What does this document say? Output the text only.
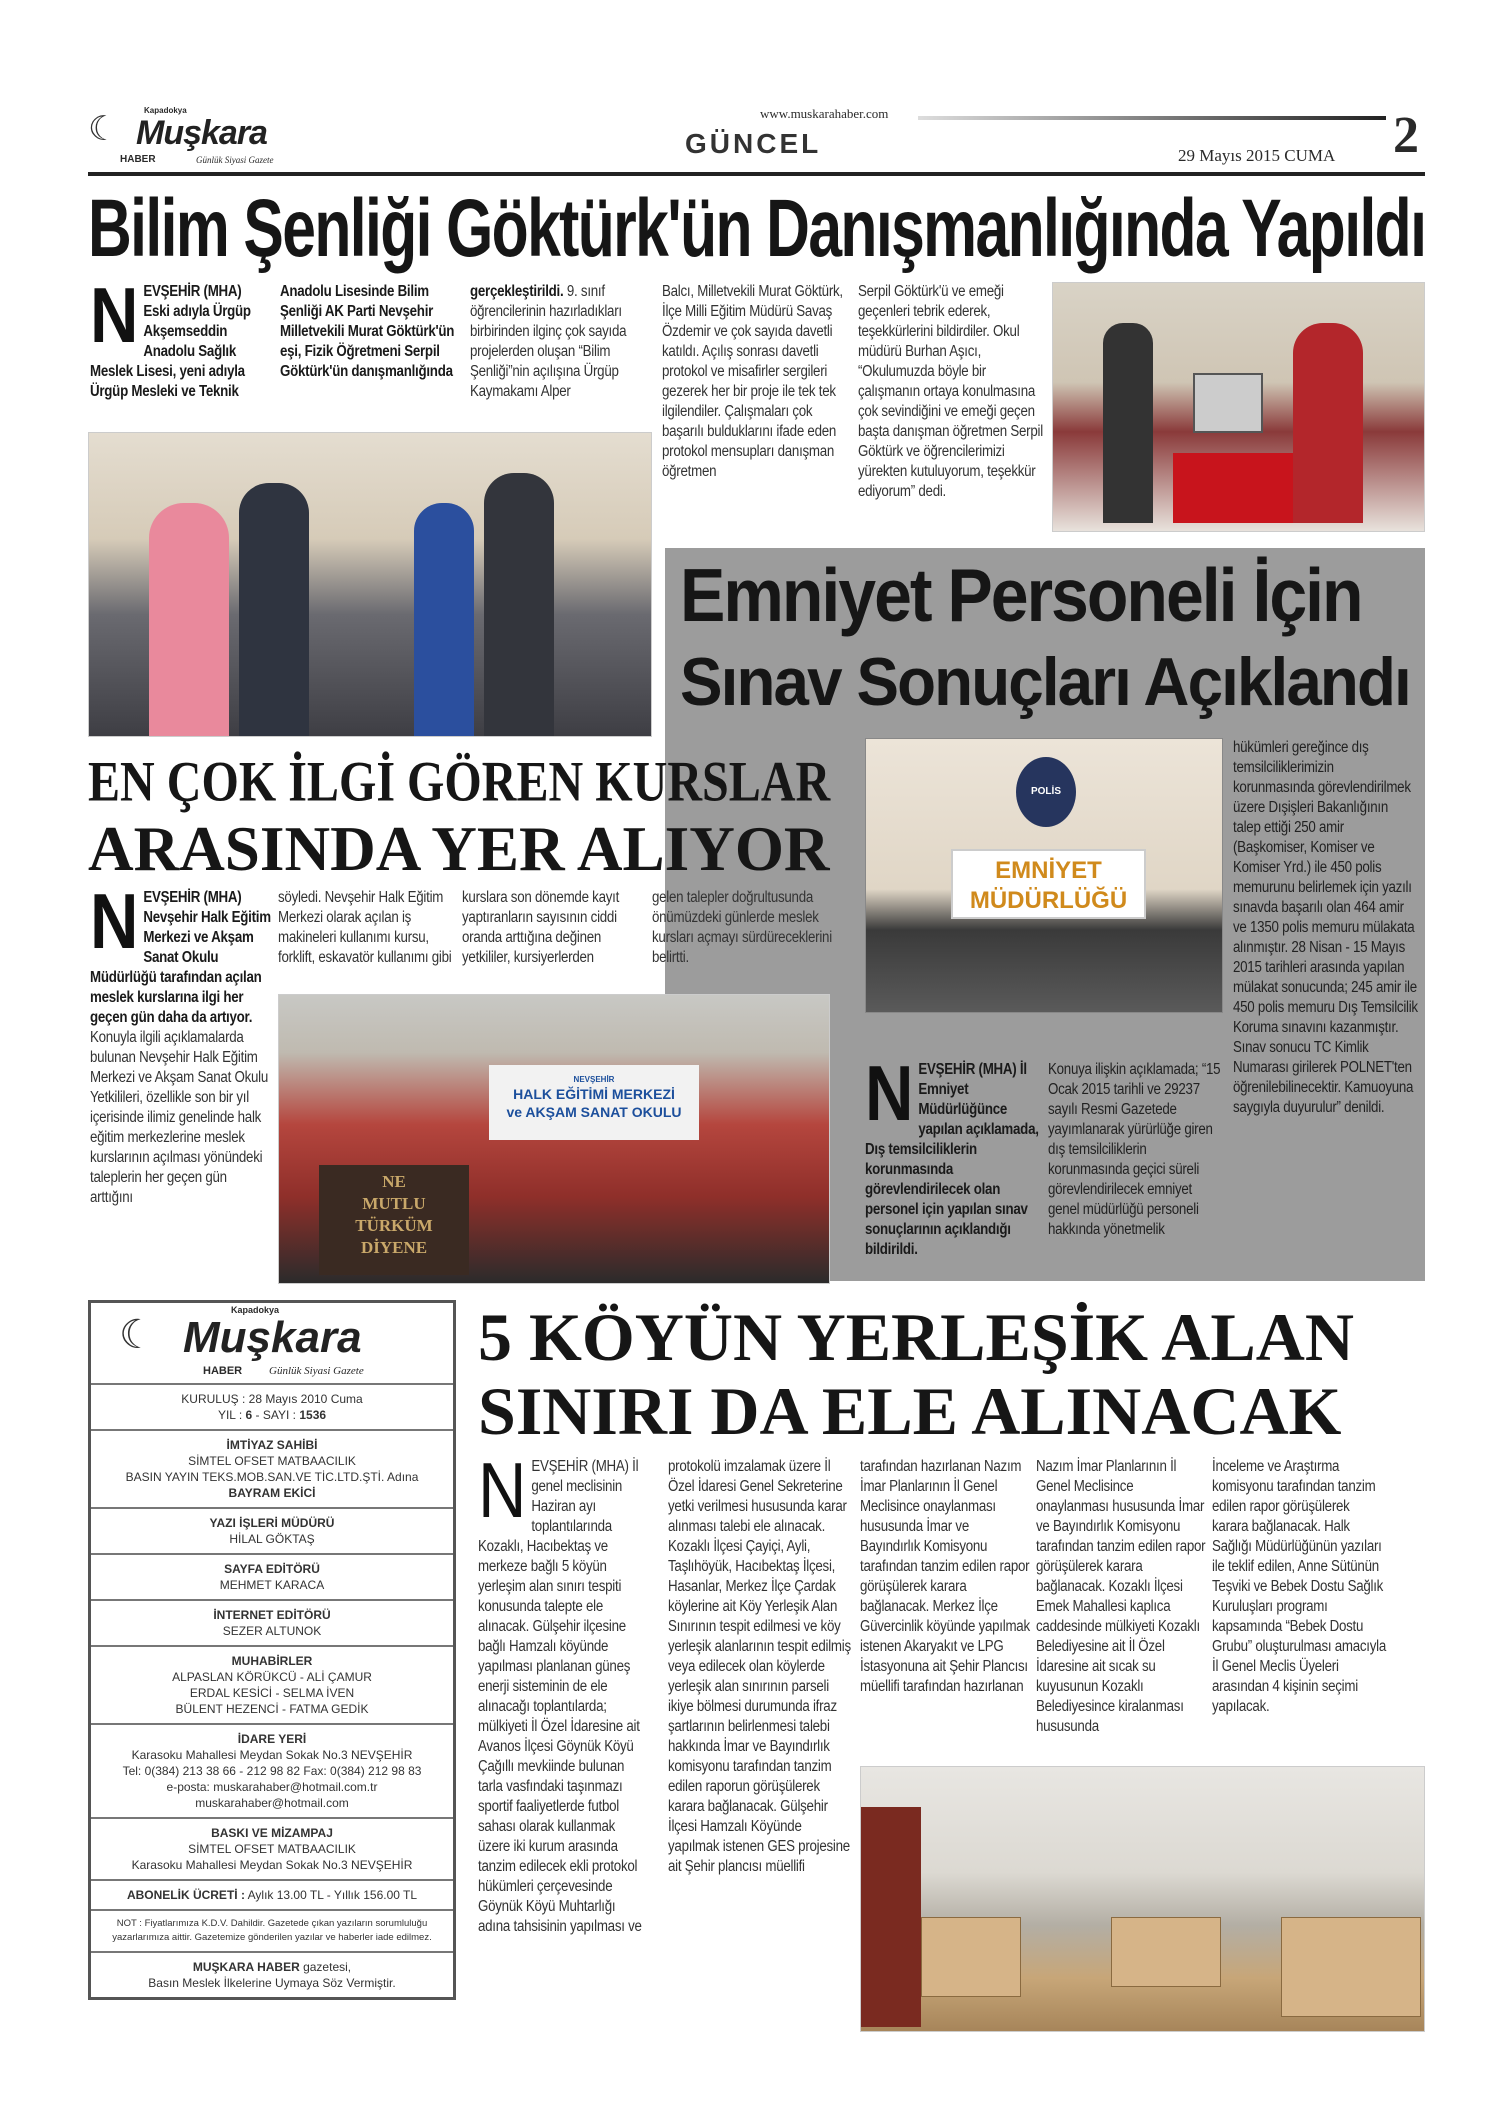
☾	Kapadokya
Muşkara
HABER	Günlük Siyasi Gazete
www.muskarahaber.com
GÜNCEL	29 Mayıs 2015 CUMA 2
Bilim Şenliği Göktürk'ün Danışmanlığında Yapıldı
NEVŞEHİR (MHA) Eski adıyla Ürgüp Akşemseddin Anadolu Sağlık Meslek Lisesi, yeni adıyla Ürgüp Mesleki ve Teknik
Anadolu Lisesinde Bilim Şenliği AK Parti Nevşehir Milletvekili Murat Göktürk'ün eşi, Fizik Öğretmeni Serpil Göktürk'ün danışmanlığında
gerçekleştirildi. 9. sınıf öğrencilerinin hazırladıkları birbirinden ilginç çok sayıda projelerden oluşan “Bilim Şenliği”nin açılışına Ürgüp Kaymakamı Alper
Balcı, Milletvekili Murat Göktürk, İlçe Milli Eğitim Müdürü Savaş Özdemir ve çok sayıda davetli katıldı. Açılış sonrası davetli protokol ve misafirler sergileri gezerek her bir proje ile tek tek ilgilendiler. Çalışmaları çok başarılı bulduklarını ifade eden protokol mensupları danışman öğretmen
Serpil Göktürk'ü ve emeği geçenleri tebrik ederek, teşekkürlerini bildirdiler. Okul müdürü Burhan Aşıcı, “Okulumuzda böyle bir çalışmanın ortaya konulmasına çok sevindiğini ve emeği geçen başta danışman öğretmen Serpil Göktürk ve öğrencilerimizi yürekten kutuluyorum, teşekkür ediyorum” dedi.
Emniyet Personeli İçin
Sınav Sonuçları Açıklandı
POLİS
EMNİYET
MÜDÜRLÜĞÜ
NEVŞEHİR (MHA) İl Emniyet Müdürlüğünce yapılan açıklamada, Dış temsilciliklerin korunmasında görevlendirilecek olan personel için yapılan sınav sonuçlarının açıklandığı bildirildi.
Konuya ilişkin açıklamada; “15 Ocak 2015 tarihli ve 29237 sayılı Resmi Gazetede yayımlanarak yürürlüğe giren dış temsilciliklerin korunmasında geçici süreli görevlendirilecek emniyet genel müdürlüğü personeli hakkında yönetmelik
hükümleri gereğince dış temsilciliklerimizin korunmasında görevlendirilmek üzere Dışişleri Bakanlığının talep ettiği 250 amir (Başkomiser, Komiser ve Komiser Yrd.) ile 450 polis memurunu belirlemek için yazılı sınavda başarılı olan 464 amir ve 1350 polis memuru mülakata alınmıştır. 28 Nisan - 15 Mayıs 2015 tarihleri arasında yapılan mülakat sonucunda; 245 amir ile 450 polis memuru Dış Temsilcilik Koruma sınavını kazanmıştır. Sınav sonucu TC Kimlik Numarası girilerek POLNET'ten öğrenilebilinecektir. Kamuoyuna saygıyla duyurulur” denildi.
EN ÇOK İLGİ GÖREN KURSLAR
ARASINDA YER ALIYOR
NEVŞEHİR (MHA) Nevşehir Halk Eğitim Merkezi ve Akşam Sanat Okulu Müdürlüğü tarafından açılan meslek kurslarına ilgi her geçen gün daha da artıyor. Konuyla ilgili açıklamalarda bulunan Nevşehir Halk Eğitim Merkezi ve Akşam Sanat Okulu Yetkilileri, özellikle son bir yıl içerisinde ilimiz genelinde halk eğitim merkezlerine meslek kurslarının açılması yönündeki taleplerin her geçen gün arttığını
söyledi. Nevşehir Halk Eğitim Merkezi olarak açılan iş makineleri kullanımı kursu, forklift, eskavatör kullanımı gibi
kurslara son dönemde kayıt yaptıranların sayısının ciddi oranda arttığına değinen yetkililer, kursiyerlerden
gelen talepler doğrultusunda önümüzdeki günlerde meslek kursları açmayı sürdüreceklerini belirtti.
NEVŞEHİR
HALK EĞİTİMİ MERKEZİ
ve AKŞAM SANAT OKULU
NE
MUTLU
TÜRKÜM
DİYENE
☾
Kapadokya
Muşkara
HABER Günlük Siyasi Gazete
KURULUŞ : 28 Mayıs 2010 Cuma
YIL : 6 - SAYI : 1536
İMTİYAZ SAHİBİ
SİMTEL OFSET MATBAACILIK
BASIN YAYIN TEKS.MOB.SAN.VE TİC.LTD.ŞTİ. Adına
BAYRAM EKİCİ
YAZI İŞLERİ MÜDÜRÜ
HİLAL GÖKTAŞ
SAYFA EDİTÖRÜ
MEHMET KARACA
İNTERNET EDİTÖRÜ
SEZER ALTUNOK
MUHABİRLER
ALPASLAN KÖRÜKCÜ - ALİ ÇAMUR
ERDAL KESİCİ - SELMA İVEN
BÜLENT HEZENCİ - FATMA GEDİK
İDARE YERİ
Karasoku Mahallesi Meydan Sokak No.3 NEVŞEHİR
Tel: 0(384) 213 38 66 - 212 98 82 Fax: 0(384) 212 98 83
e-posta: muskarahaber@hotmail.com.tr
muskarahaber@hotmail.com
BASKI VE MİZAMPAJ
SİMTEL OFSET MATBAACILIK
Karasoku Mahallesi Meydan Sokak No.3 NEVŞEHİR
ABONELİK ÜCRETİ : Aylık 13.00 TL - Yıllık 156.00 TL
NOT : Fiyatlarımıza K.D.V. Dahildir. Gazetede çıkan yazıların sorumluluğu yazarlarımıza aittir. Gazetemize gönderilen yazılar ve haberler iade edilmez.
MUŞKARA HABER gazetesi,
Basın Meslek İlkelerine Uymaya Söz Vermiştir.
5 KÖYÜN YERLEŞİK ALAN
SINIRI DA ELE ALINACAK
NEVŞEHİR (MHA) İl genel meclisinin Haziran ayı toplantılarında Kozaklı, Hacıbektaş ve merkeze bağlı 5 köyün yerleşim alan sınırı tespiti konusunda talepte ele alınacak. Gülşehir ilçesine bağlı Hamzalı köyünde yapılması planlanan güneş enerji sisteminin de ele alınacağı toplantılarda; mülkiyeti İl Özel İdaresine ait Avanos İlçesi Göynük Köyü Çağıllı mevkiinde bulunan tarla vasfındaki taşınmazı sportif faaliyetlerde futbol sahası olarak kullanmak üzere iki kurum arasında tanzim edilecek ekli protokol hükümleri çerçevesinde Göynük Köyü Muhtarlığı adına tahsisinin yapılması ve
protokolü imzalamak üzere İl Özel İdaresi Genel Sekreterine yetki verilmesi hususunda karar alınması talebi ele alınacak. Kozaklı İlçesi Çayiçi, Ayli, Taşlıhöyük, Hacıbektaş İlçesi, Hasanlar, Merkez İlçe Çardak köylerine ait Köy Yerleşik Alan Sınırının tespit edilmesi ve köy yerleşik alanlarının tespit edilmiş veya edilecek olan köylerde yerleşik alan sınırının parseli ikiye bölmesi durumunda ifraz şartlarının belirlenmesi talebi hakkında İmar ve Bayındırlık komisyonu tarafından tanzim edilen raporun görüşülerek karara bağlanacak. Gülşehir İlçesi Hamzalı Köyünde yapılmak istenen GES projesine ait Şehir plancısı müellifi
tarafından hazırlanan Nazım İmar Planlarının İl Genel Meclisince onaylanması hususunda İmar ve Bayındırlık Komisyonu tarafından tanzim edilen rapor görüşülerek karara bağlanacak. Merkez İlçe Güvercinlik köyünde yapılmak istenen Akaryakıt ve LPG İstasyonuna ait Şehir Plancısı müellifi tarafından hazırlanan
Nazım İmar Planlarının İl Genel Meclisince onaylanması hususunda İmar ve Bayındırlık Komisyonu tarafından tanzim edilen rapor görüşülerek karara bağlanacak. Kozaklı İlçesi Emek Mahallesi kaplıca caddesinde mülkiyeti Kozaklı Belediyesine ait İl Özel İdaresine ait sıcak su kuyusunun Kozaklı Belediyesince kiralanması hususunda
İnceleme ve Araştırma komisyonu tarafından tanzim edilen rapor görüşülerek karara bağlanacak. Halk Sağlığı Müdürlüğünün yazıları ile teklif edilen, Anne Sütünün Teşviki ve Bebek Dostu Sağlık Kuruluşları programı kapsamında “Bebek Dostu Grubu” oluşturulması amacıyla İl Genel Meclis Üyeleri arasından 4 kişinin seçimi yapılacak.
